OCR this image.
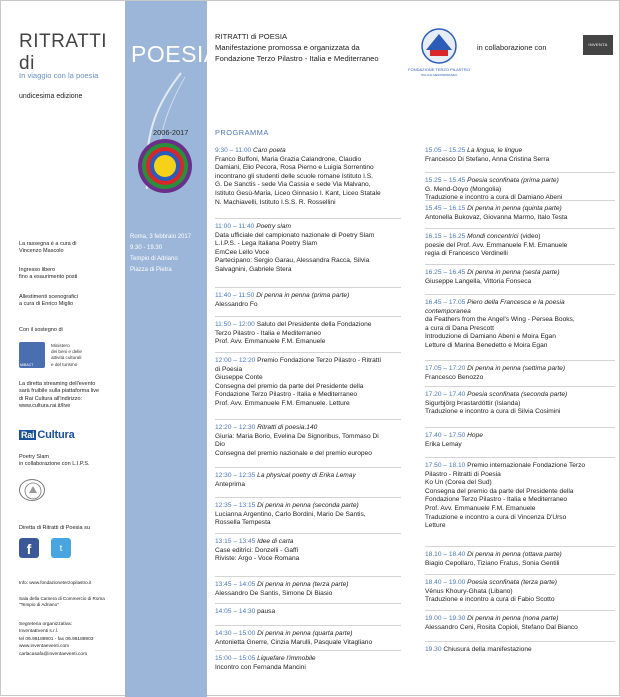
RITRATTI di
In viaggio con la poesia
undicesima edizione
La rassegna è a cura di
Vincenzo Mascolo
Ingresso libero
fino a esaurimento posti
Allestimenti scenografici
a cura di Enrico Miglio
Con il sostegno di
MiBACT
Ministero
dei beni e delle
attività culturali
e del turismo
La diretta streaming dell'evento
sarà fruibile sulla piattaforma live
di Rai Cultura all'indirizzo:
www.cultura.rai.it/live
Rai Cultura
Poetry Slam
in collaborazione con L.I.P.S.
Diretta di Ritratti di Poesia su
f	t
Info: www.fondazioneterzopilastro.it
Sala della Camera di Commercio di Roma
"Tempio di Adriano"
Segreteria organizzativa:
InventaEventi s.r.l.
tel 06.98188901 - fax 06.98188903
www.inventaeventi.com
carlacasafa@inventaeventi.com
POESIA
2006-2017
Roma, 3 febbraio 2017
9.30 - 19.30
Tempio di Adriano
Piazza di Pietra
RITRATTI di POESIA
Manifestazione promossa e organizzata da
Fondazione Terzo Pilastro - Italia e Mediterraneo
FONDAZIONE TERZO PILASTRO
ITALIA E MEDITERRANEO
in collaborazione con	INVENTA EVENTI
PROGRAMMA

9:30 – 11:00 Caro poeta

Franco Buffoni, Maria Grazia Calandrone, Claudio
Damiani, Elio Pecora, Rosa Pierno e Luigia Sorrentino
incontrano gli studenti delle scuole romane Istituto I.S.
G. De Sanctis - sede Via Cassia e sede Via Malvano,
Istituto Gesù-Maria, Liceo Ginnasio I. Kant, Liceo Statale
N. Machiavelli, Istituto I.S.S. R. Rossellini

11:00 – 11:40 Poetry slam

Data ufficiale del campionato nazionale di Poetry Slam
L.I.P.S. - Lega Italiana Poetry Slam
EmCee Lello Voce
Partecipano: Sergio Garau, Alessandra Racca, Silvia
Salvagnini, Gabriele Stera

11:40 – 11:50 Di penna in penna (prima parte)

Alessandro Fo

11:50 – 12:00 Saluto del Presidente della Fondazione

Terzo Pilastro - Italia e Mediterraneo
Prof. Avv. Emmanuele F.M. Emanuele

12:00 – 12:20 Premio Fondazione Terzo Pilastro - Ritratti

di Poesia
Giuseppe Conte
Consegna del premio da parte del Presidente della
Fondazione Terzo Pilastro - Italia e Mediterraneo
Prof. Avv. Emmanuele F.M. Emanuele. Letture

12:20 – 12:30 Ritratti di poesia.140

Giuria: Maria Borio, Evelina De Signoribus, Tommaso Di
Dio
Consegna del premio nazionale e del premio europeo

12:30 – 12:35 La physical poetry di Erika Lemay

Anteprima

12:35 – 13:15 Di penna in penna (seconda parte)

Lucianna Argentino, Carlo Bordini, Mario De Santis,
Rossella Tempesta

13:15 – 13:45 Idee di carta

Case editrici: Donzelli - Gaffi
Riviste: Argo - Voce Romana

13:45 – 14:05 Di penna in penna (terza parte)

Alessandro De Santis, Simone Di Biasio

14:05 – 14:30 pausa

14:30 – 15:00 Di penna in penna (quarta parte)

Antonietta Gnerre, Cinzia Marulli, Pasquale Vitagliano

15:00 – 15:05 Liquefare l'immobile

Incontro con Fernanda Mancini

15.05 – 15.25 La lingua, le lingue

Francesco Di Stefano, Anna Cristina Serra

15.25 – 15.45 Poesia sconfinata (prima parte)

G. Mend-Ooyo (Mongolia)
Traduzione e incontro a cura di Damiano Abeni

15.45 – 16.15 Di penna in penna (quinta parte)

Antonella Bukovaz, Giovanna Marmo, Italo Testa

16.15 – 16.25 Mondi concentrici (video)

poesie del Prof. Avv. Emmanuele F.M. Emanuele
regia di Francesco Verdinelli

16.25 – 16.45 Di penna in penna (sesta parte)

Giuseppe Langella, Vittoria Fonseca

16.45 – 17.05 Piero della Francesca e la poesia
contemporanea

da Feathers from the Angel's Wing - Persea Books,
a cura di Dana Prescott
Introduzione di Damiano Abeni e Moira Egan
Letture di Marina Benedetto e Moira Egan

17.05 – 17.20 Di penna in penna (settima parte)

Francesco Benozzo

17.20 – 17.40 Poesia sconfinata (seconda parte)

Sigurbjörg Þrastardóttir (Islanda)
Traduzione e incontro a cura di Silvia Cosimini

17.40 – 17.50 Hope

Erika Lemay

17.50 – 18.10 Premio internazionale Fondazione Terzo

Pilastro - Ritratti di Poesia
Ko Un (Corea del Sud)
Consegna del premio da parte del Presidente della
Fondazione Terzo Pilastro - Italia e Mediterraneo
Prof. Avv. Emmanuele F.M. Emanuele
Traduzione e incontro a cura di Vincenza D'Urso
Letture

18.10 – 18.40 Di penna in penna (ottava parte)

Biagio Cepollaro, Tiziano Fratus, Sonia Gentili

18.40 – 19.00 Poesia sconfinata (terza parte)

Vénus Khoury-Ghata (Libano)
Traduzione e incontro a cura di Fabio Scotto

19.00 – 19.30 Di penna in penna (nona parte)

Alessandro Ceni, Rosita Copioli, Stefano Dal Bianco

19.30 Chiusura della manifestazione
